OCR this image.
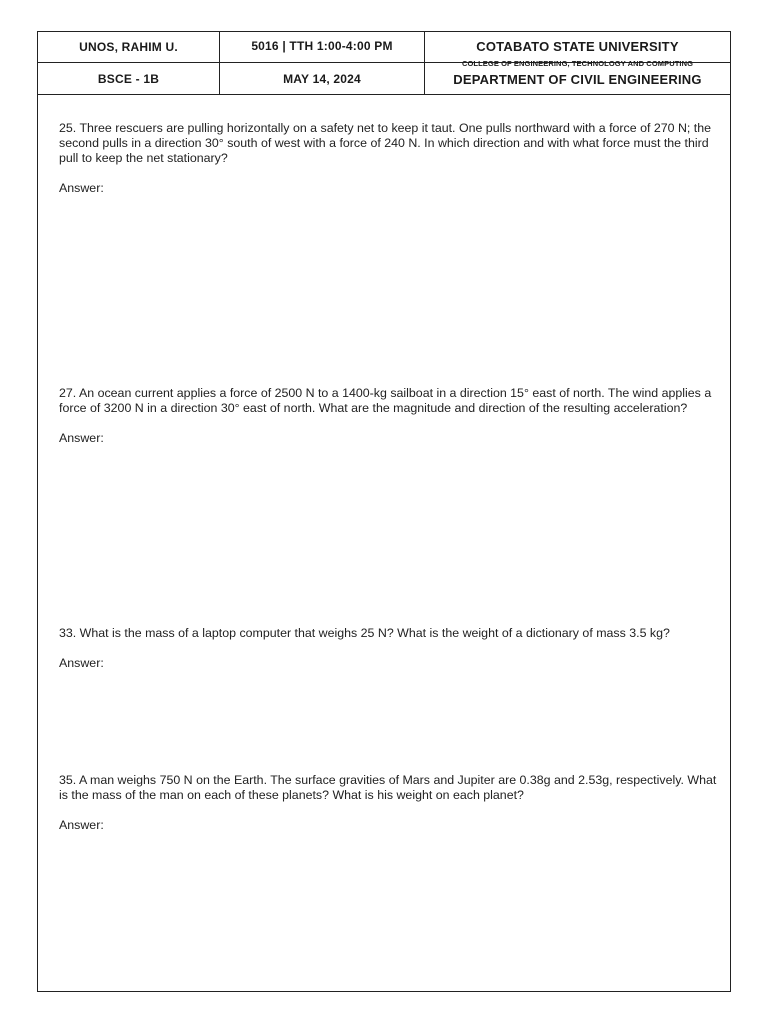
UNOS, RAHIM U.	5016 | TTH 1:00-4:00 PM
BSCE - 1B	MAY 14, 2024
COTABATO STATE UNIVERSITY
COLLEGE OF ENGINEERING, TECHNOLOGY AND COMPUTING
DEPARTMENT OF CIVIL ENGINEERING

25. Three rescuers are pulling horizontally on a safety net to keep it taut. One pulls northward with a force of 270 N; the second pulls in a direction 30° south of west with a force of 240 N. In which direction and with what force must the third pull to keep the net stationary?

Answer:

27. An ocean current applies a force of 2500 N to a 1400-kg sailboat in a direction 15° east of north. The wind applies a force of 3200 N in a direction 30° east of north. What are the magnitude and direction of the resulting acceleration?

Answer:

33. What is the mass of a laptop computer that weighs 25 N? What is the weight of a dictionary of mass 3.5 kg?

Answer:

35. A man weighs 750 N on the Earth. The surface gravities of Mars and Jupiter are 0.38g and 2.53g, respectively. What is the mass of the man on each of these planets? What is his weight on each planet?

Answer:
